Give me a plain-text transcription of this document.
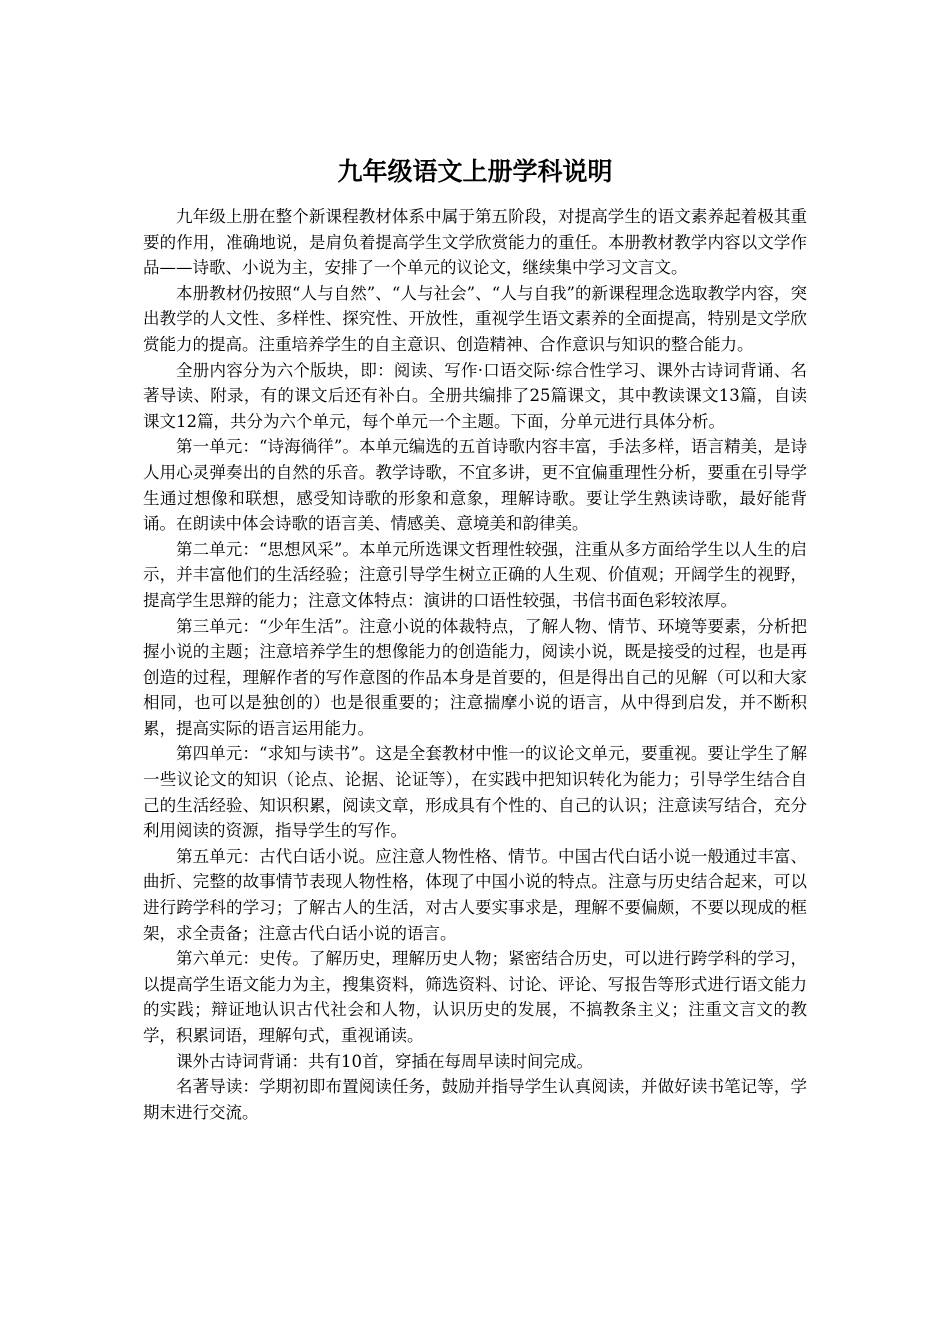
九年级语文上册学科说明

九年级上册在整个新课程教材体系中属于第五阶段，对提高学生的语文素养起着极其重要的作用，准确地说，是肩负着提高学生文学欣赏能力的重任。本册教材教学内容以文学作品——诗歌、小说为主，安排了一个单元的议论文，继续集中学习文言文。

本册教材仍按照“人与自然”、“人与社会”、“人与自我”的新课程理念选取教学内容，突出教学的人文性、多样性、探究性、开放性，重视学生语文素养的全面提高，特别是文学欣赏能力的提高。注重培养学生的自主意识、创造精神、合作意识与知识的整合能力。

全册内容分为六个版块，即：阅读、写作·口语交际·综合性学习、课外古诗词背诵、名著导读、附录，有的课文后还有补白。全册共编排了25篇课文，其中教读课文13篇，自读课文12篇，共分为六个单元，每个单元一个主题。下面，分单元进行具体分析。

第一单元：“诗海徜徉”。本单元编选的五首诗歌内容丰富，手法多样，语言精美，是诗人用心灵弹奏出的自然的乐音。教学诗歌，不宜多讲，更不宜偏重理性分析，要重在引导学生通过想像和联想，感受知诗歌的形象和意象，理解诗歌。要让学生熟读诗歌，最好能背诵。在朗读中体会诗歌的语言美、情感美、意境美和韵律美。

第二单元：“思想风采”。本单元所选课文哲理性较强，注重从多方面给学生以人生的启示，并丰富他们的生活经验；注意引导学生树立正确的人生观、价值观；开阔学生的视野，提高学生思辩的能力；注意文体特点：演讲的口语性较强，书信书面色彩较浓厚。

第三单元：“少年生活”。注意小说的体裁特点，了解人物、情节、环境等要素，分析把握小说的主题；注意培养学生的想像能力的创造能力，阅读小说，既是接受的过程，也是再创造的过程，理解作者的写作意图的作品本身是首要的，但是得出自己的见解（可以和大家相同，也可以是独创的）也是很重要的；注意揣摩小说的语言，从中得到启发，并不断积累，提高实际的语言运用能力。

第四单元：“求知与读书”。这是全套教材中惟一的议论文单元，要重视。要让学生了解一些议论文的知识（论点、论据、论证等），在实践中把知识转化为能力；引导学生结合自己的生活经验、知识积累，阅读文章，形成具有个性的、自己的认识；注意读写结合，充分利用阅读的资源，指导学生的写作。

第五单元：古代白话小说。应注意人物性格、情节。中国古代白话小说一般通过丰富、曲折、完整的故事情节表现人物性格，体现了中国小说的特点。注意与历史结合起来，可以进行跨学科的学习；了解古人的生活，对古人要实事求是，理解不要偏颇，不要以现成的框架，求全责备；注意古代白话小说的语言。

第六单元：史传。了解历史，理解历史人物；紧密结合历史，可以进行跨学科的学习，以提高学生语文能力为主，搜集资料，筛选资料、讨论、评论、写报告等形式进行语文能力的实践；辩证地认识古代社会和人物，认识历史的发展，不搞教条主义；注重文言文的教学，积累词语，理解句式，重视诵读。

课外古诗词背诵：共有10首，穿插在每周早读时间完成。

名著导读：学期初即布置阅读任务，鼓励并指导学生认真阅读，并做好读书笔记等，学期末进行交流。
